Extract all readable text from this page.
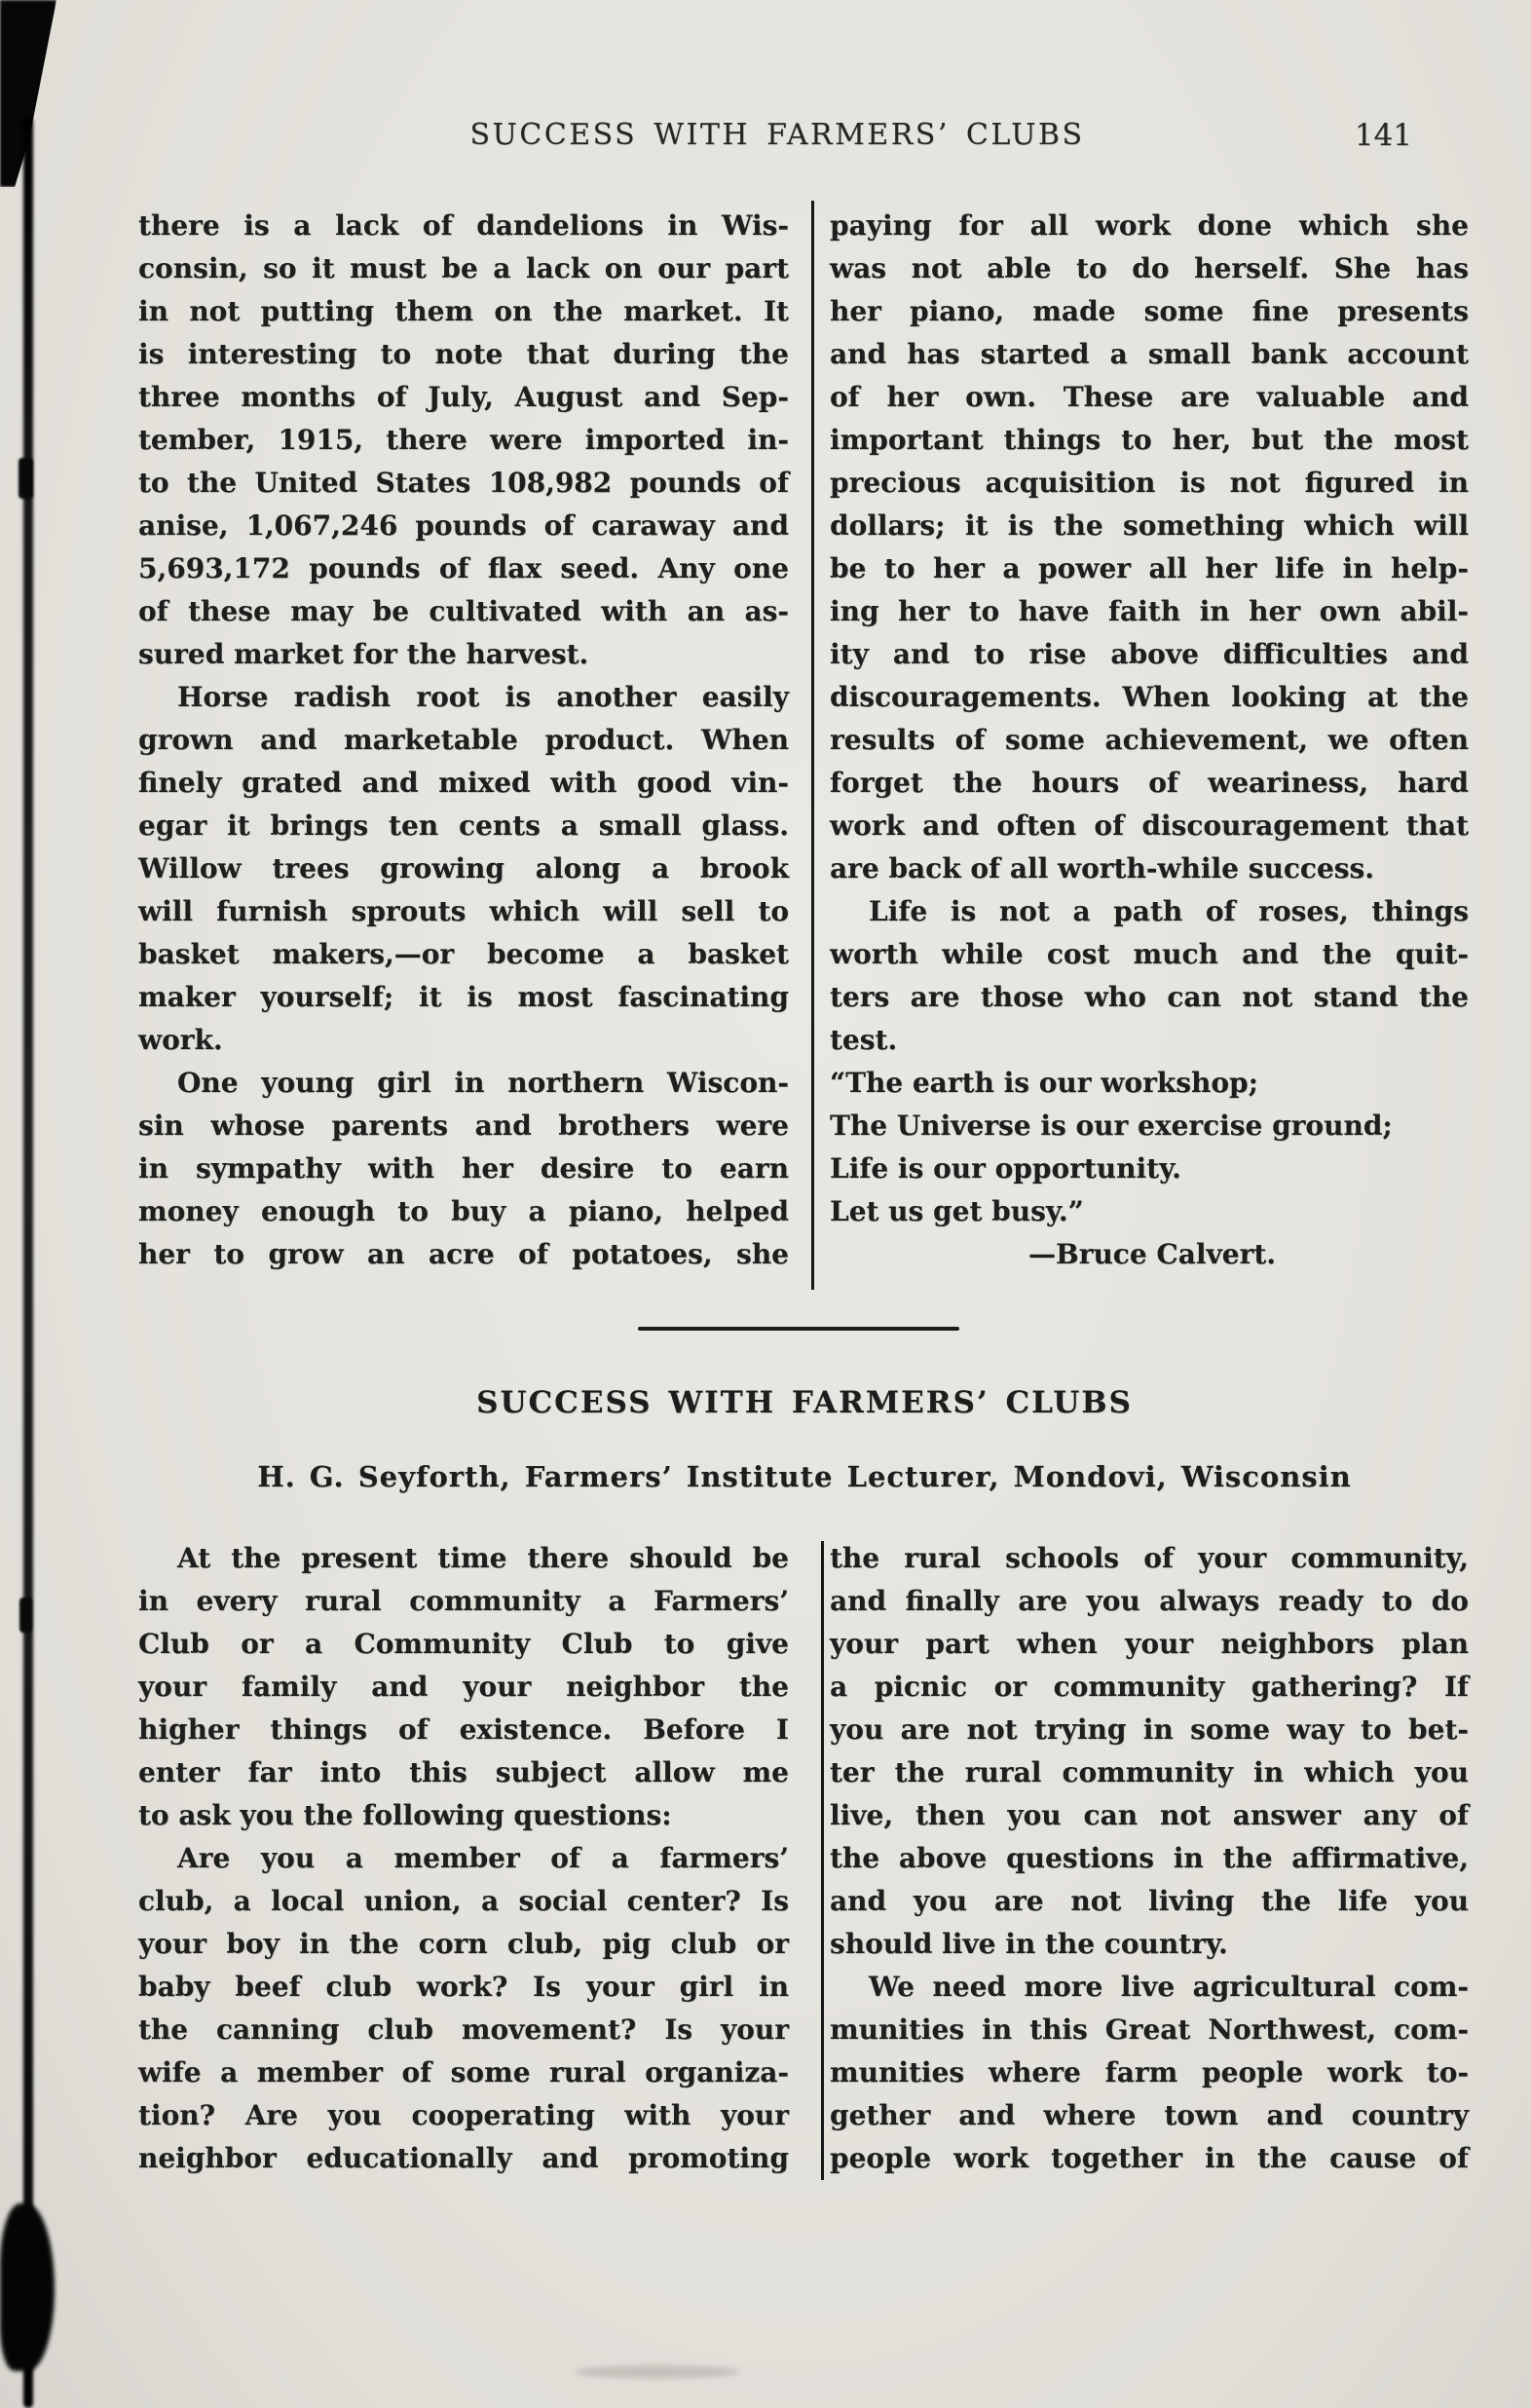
SUCCESS WITH FARMERS’ CLUBS	141
there is a lack of dandelions in Wis-
consin, so it must be a lack on our part
in not putting them on the market. It
is interesting to note that during the
three months of July, August and Sep-
tember, 1915, there were imported in-
to the United States 108,982 pounds of
anise, 1,067,246 pounds of caraway and
5,693,172 pounds of flax seed. Any one
of these may be cultivated with an as-
sured market for the harvest.
Horse radish root is another easily
grown and marketable product. When
finely grated and mixed with good vin-
egar it brings ten cents a small glass.
Willow trees growing along a brook
will furnish sprouts which will sell to
basket makers,—or become a basket
maker yourself; it is most fascinating
work.
One young girl in northern Wiscon-
sin whose parents and brothers were
in sympathy with her desire to earn
money enough to buy a piano, helped
her to grow an acre of potatoes, she
paying for all work done which she
was not able to do herself. She has
her piano, made some fine presents
and has started a small bank account
of her own. These are valuable and
important things to her, but the most
precious acquisition is not figured in
dollars; it is the something which will
be to her a power all her life in help-
ing her to have faith in her own abil-
ity and to rise above difficulties and
discouragements. When looking at the
results of some achievement, we often
forget the hours of weariness, hard
work and often of discouragement that
are back of all worth-while success.
Life is not a path of roses, things
worth while cost much and the quit-
ters are those who can not stand the
test.
“The earth is our workshop;
The Universe is our exercise ground;
Life is our opportunity.
Let us get busy.”
—Bruce Calvert.
SUCCESS WITH FARMERS’ CLUBS
H. G. Seyforth, Farmers’ Institute Lecturer, Mondovi, Wisconsin
At the present time there should be
in every rural community a Farmers’
Club or a Community Club to give
your family and your neighbor the
higher things of existence. Before I
enter far into this subject allow me
to ask you the following questions:
Are you a member of a farmers’
club, a local union, a social center? Is
your boy in the corn club, pig club or
baby beef club work? Is your girl in
the canning club movement? Is your
wife a member of some rural organiza-
tion? Are you cooperating with your
neighbor educationally and promoting
the rural schools of your community,
and finally are you always ready to do
your part when your neighbors plan
a picnic or community gathering? If
you are not trying in some way to bet-
ter the rural community in which you
live, then you can not answer any of
the above questions in the affirmative,
and you are not living the life you
should live in the country.
We need more live agricultural com-
munities in this Great Northwest, com-
munities where farm people work to-
gether and where town and country
people work together in the cause of
